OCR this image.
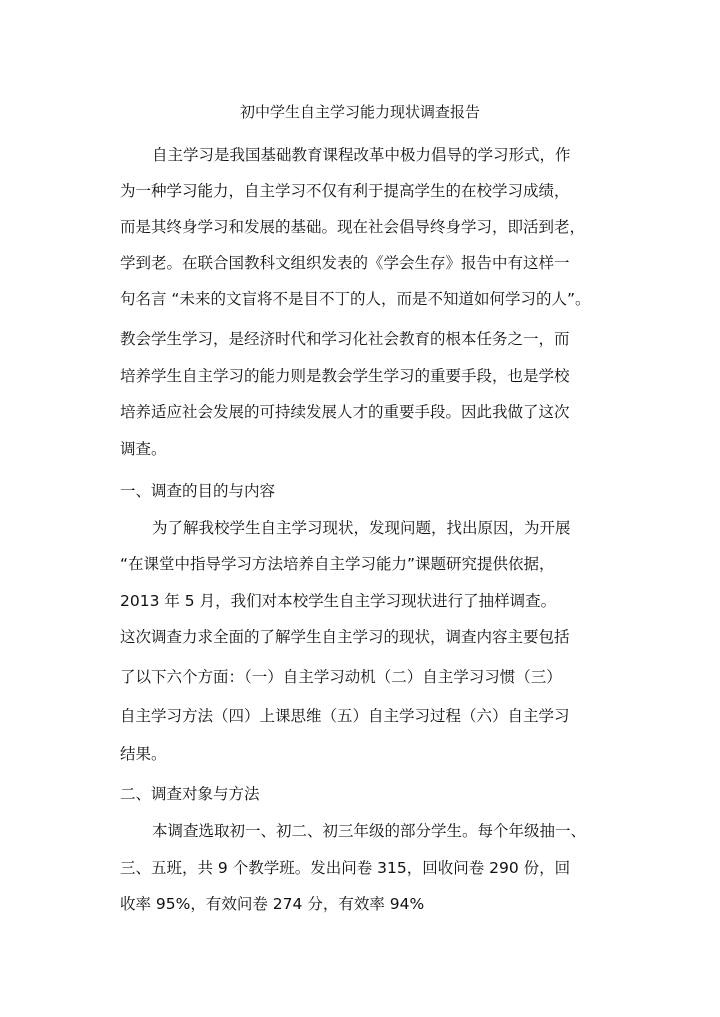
初中学生自主学习能力现状调查报告
自主学习是我国基础教育课程改革中极力倡导的学习形式，作
为一种学习能力，自主学习不仅有利于提高学生的在校学习成绩，
而是其终身学习和发展的基础。现在社会倡导终身学习，即活到老，
学到老。在联合国教科文组织发表的《学会生存》报告中有这样一
句名言 “未来的文盲将不是目不丁的人，而是不知道如何学习的人”。
教会学生学习，是经济时代和学习化社会教育的根本任务之一，而
培养学生自主学习的能力则是教会学生学习的重要手段，也是学校
培养适应社会发展的可持续发展人才的重要手段。因此我做了这次
调查。
一、调查的目的与内容
为了解我校学生自主学习现状，发现问题，找出原因，为开展
“在课堂中指导学习方法培养自主学习能力”课题研究提供依据，
2013 年 5 月，我们对本校学生自主学习现状进行了抽样调查。
这次调查力求全面的了解学生自主学习的现状，调查内容主要包括
了以下六个方面：（一）自主学习动机（二）自主学习习惯（三）
自主学习方法（四）上课思维（五）自主学习过程（六）自主学习
结果。
二、调查对象与方法
本调查选取初一、初二、初三年级的部分学生。每个年级抽一、
三、五班，共 9 个教学班。发出问卷 315，回收问卷 290 份，回
收率 95%，有效问卷 274 分，有效率 94%
